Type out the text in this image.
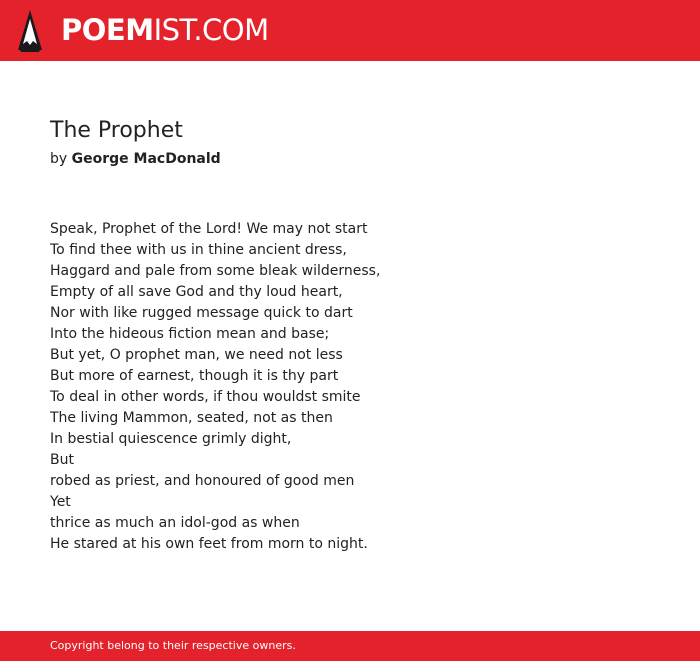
POEMIST.COM
The Prophet
by George MacDonald
Speak, Prophet of the Lord! We may not start
To find thee with us in thine ancient dress,
Haggard and pale from some bleak wilderness,
Empty of all save God and thy loud heart,
Nor with like rugged message quick to dart
Into the hideous fiction mean and base;
But yet, O prophet man, we need not less
But more of earnest, though it is thy part
To deal in other words, if thou wouldst smite
The living Mammon, seated, not as then
In bestial quiescence grimly dight,
But
robed as priest, and honoured of good men
Yet
thrice as much an idol-god as when
He stared at his own feet from morn to night.
Copyright belong to their respective owners.
